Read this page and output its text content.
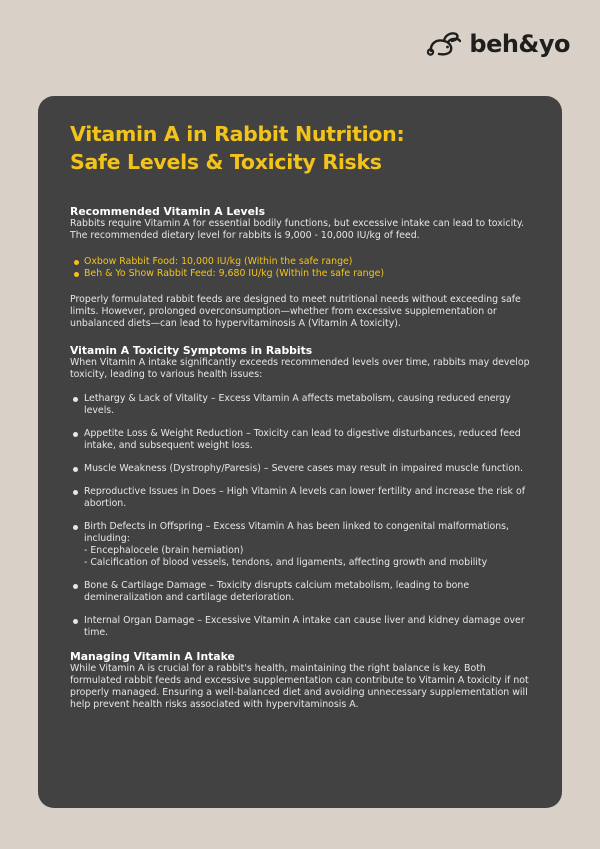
beh&yo
Vitamin A in Rabbit Nutrition:
Safe Levels & Toxicity Risks
Recommended Vitamin A Levels

Rabbits require Vitamin A for essential bodily functions, but excessive intake can lead to toxicity. The recommended dietary level for rabbits is 9,000 - 10,000 IU/kg of feed.

Oxbow Rabbit Food: 10,000 IU/kg (Within the safe range)
Beh & Yo Show Rabbit Feed: 9,680 IU/kg (Within the safe range)

Properly formulated rabbit feeds are designed to meet nutritional needs without exceeding safe limits. However, prolonged overconsumption—whether from excessive supplementation or unbalanced diets—can lead to hypervitaminosis A (Vitamin A toxicity).

Vitamin A Toxicity Symptoms in Rabbits

When Vitamin A intake significantly exceeds recommended levels over time, rabbits may develop toxicity, leading to various health issues:

Lethargy & Lack of Vitality – Excess Vitamin A affects metabolism, causing reduced energy levels.
Appetite Loss & Weight Reduction – Toxicity can lead to digestive disturbances, reduced feed intake, and subsequent weight loss.
Muscle Weakness (Dystrophy/Paresis) – Severe cases may result in impaired muscle function.
Reproductive Issues in Does – High Vitamin A levels can lower fertility and increase the risk of abortion.
Birth Defects in Offspring – Excess Vitamin A has been linked to congenital malformations, including:
- Encephalocele (brain herniation)
- Calcification of blood vessels, tendons, and ligaments, affecting growth and mobility
Bone & Cartilage Damage – Toxicity disrupts calcium metabolism, leading to bone demineralization and cartilage deterioration.
Internal Organ Damage – Excessive Vitamin A intake can cause liver and kidney damage over time.
Managing Vitamin A Intake

While Vitamin A is crucial for a rabbit's health, maintaining the right balance is key. Both formulated rabbit feeds and excessive supplementation can contribute to Vitamin A toxicity if not properly managed. Ensuring a well-balanced diet and avoiding unnecessary supplementation will help prevent health risks associated with hypervitaminosis A.
